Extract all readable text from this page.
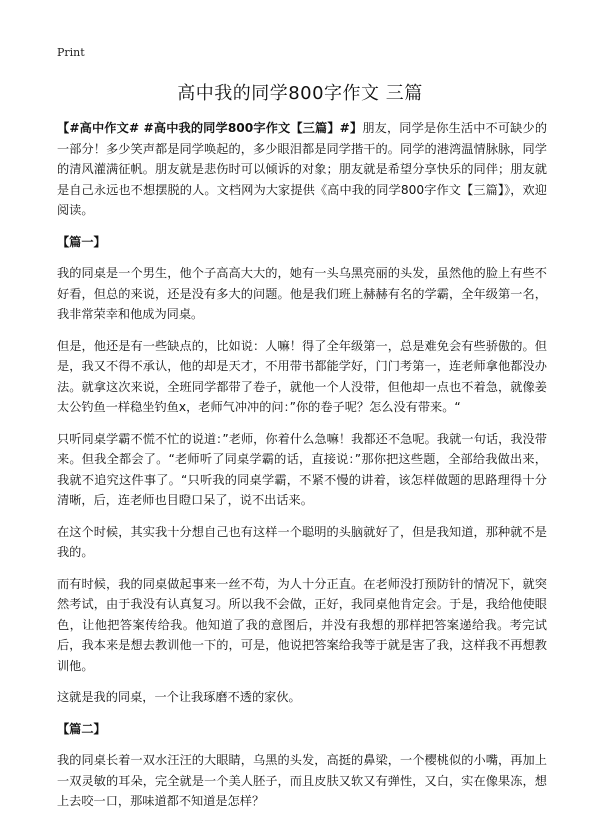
Print
高中我的同学800字作文 三篇

【#高中作文# #高中我的同学800字作文【三篇】#】朋友，同学是你生活中不可缺少的一部分！多少笑声都是同学唤起的，多少眼泪都是同学揩干的。同学的港湾温情脉脉，同学的清风灌满征帆。朋友就是悲伤时可以倾诉的对象；朋友就是希望分享快乐的同伴；朋友就是自己永远也不想摆脱的人。文档网为大家提供《高中我的同学800字作文【三篇】》，欢迎阅读。

【篇一】

我的同桌是一个男生，他个子高高大大的，她有一头乌黑亮丽的头发，虽然他的脸上有些不好看，但总的来说，还是没有多大的问题。他是我们班上赫赫有名的学霸，全年级第一名，我非常荣幸和他成为同桌。

但是，他还是有一些缺点的，比如说：人嘛！得了全年级第一，总是难免会有些骄傲的。但是，我又不得不承认，他的却是天才，不用带书都能学好，门门考第一，连老师拿他都没办法。就拿这次来说，全班同学都带了卷子，就他一个人没带，但他却一点也不着急，就像姜太公钓鱼一样稳坐钓鱼x，老师气冲冲的问：”你的卷子呢？怎么没有带来。“

只听同桌学霸不慌不忙的说道：”老师，你着什么急嘛！我都还不急呢。我就一句话，我没带来。但我全都会了。“老师听了同桌学霸的话，直接说：”那你把这些题，全部给我做出来，我就不追究这件事了。“只听我的同桌学霸，不紧不慢的讲着，该怎样做题的思路理得十分清晰，后，连老师也目瞪口呆了，说不出话来。

在这个时候，其实我十分想自己也有这样一个聪明的头脑就好了，但是我知道，那种就不是我的。

而有时候，我的同桌做起事来一丝不苟，为人十分正直。在老师没打预防针的情况下，就突然考试，由于我没有认真复习。所以我不会做，正好，我同桌他肯定会。于是，我给他使眼色，让他把答案传给我。他知道了我的意图后，并没有我想的那样把答案递给我。考完试后，我本来是想去教训他一下的，可是，他说把答案给我等于就是害了我，这样我不再想教训他。

这就是我的同桌，一个让我琢磨不透的家伙。

【篇二】

我的同桌长着一双水汪汪的大眼睛，乌黑的头发，高挺的鼻梁，一个樱桃似的小嘴，再加上一双灵敏的耳朵，完全就是一个美人胚子，而且皮肤又软又有弹性，又白，实在像果冻，想上去咬一口，那味道都不知道是怎样？
